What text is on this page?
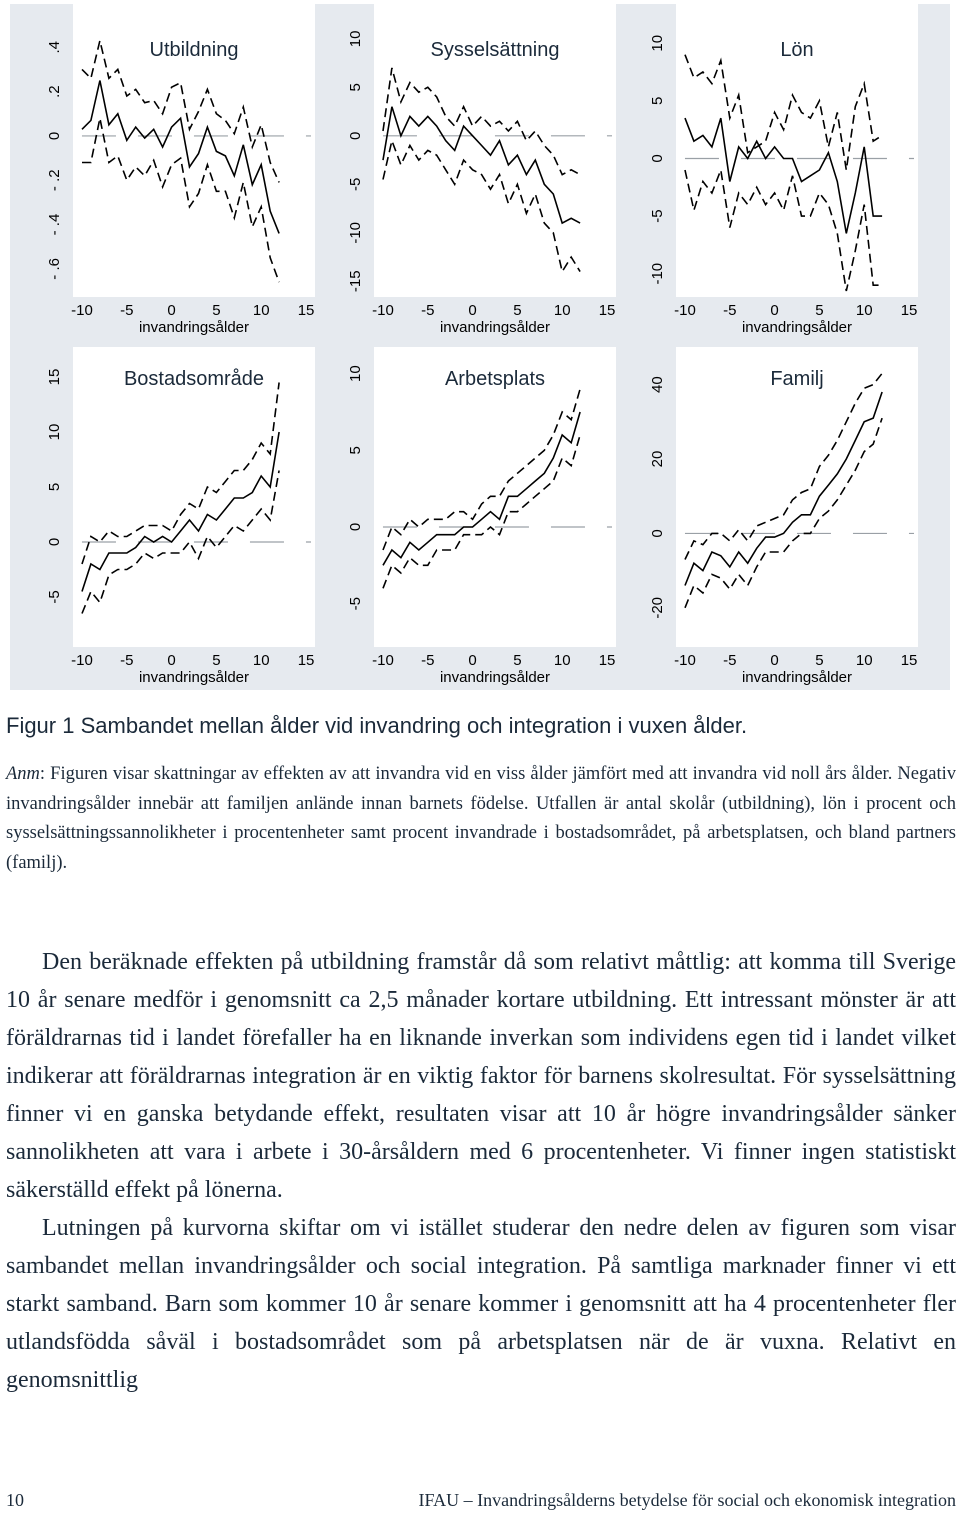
Utbildning
- .6
- .4
- .2
0
.2
.4
-10 -5 0 5 10 15
invandringsålder
Sysselsättning
-15
-10
-5
0
5
10
-10 -5 0 5 10 15
invandringsålder
Lön
-10
-5
0
5
10
-10 -5 0 5 10 15
invandringsålder
Bostadsområde
-5
0
5
10
15
-10 -5 0 5 10 15
invandringsålder
Arbetsplats
-5
0
5
10
-10 -5 0 5 10 15
invandringsålder
Familj
-20
0
20
40
-10 -5 0 5 10 15
invandringsålder
Figur 1 Sambandet mellan ålder vid invandring och integration i vuxen ålder.
Anm: Figuren visar skattningar av effekten av att invandra vid en viss ålder jämfört med att invandra vid noll års ålder. Negativ invandringsålder innebär att familjen anlände innan barnets födelse. Utfallen är antal skolår (utbildning), lön i procent och sysselsättningssannolikheter i procentenheter samt procent invandrade i bostadsområdet, på arbetsplatsen, och bland partners (familj).

Den beräknade effekten på utbildning framstår då som relativt måttlig: att komma till Sverige 10 år senare medför i genomsnitt ca 2,5 månader kortare utbildning. Ett intressant mönster är att föräldrarnas tid i landet förefaller ha en liknande inverkan som individens egen tid i landet vilket indikerar att föräldrarnas integration är en viktig faktor för barnens skolresultat. För sysselsättning finner vi en ganska betydande effekt, resultaten visar att 10 år högre invandringsålder sänker sannolikheten att vara i arbete i 30-årsåldern med 6 procentenheter. Vi finner ingen statistiskt säkerställd effekt på lönerna.

Lutningen på kurvorna skiftar om vi istället studerar den nedre delen av figuren som visar sambandet mellan invandringsålder och social integration. På samtliga marknader finner vi ett starkt samband. Barn som kommer 10 år senare kommer i genomsnitt att ha 4 procentenheter fler utlandsfödda såväl i bostadsområdet som på arbetsplatsen när de är vuxna. Relativt en genomsnittlig

10	IFAU – Invandringsålderns betydelse för social och ekonomisk integration
